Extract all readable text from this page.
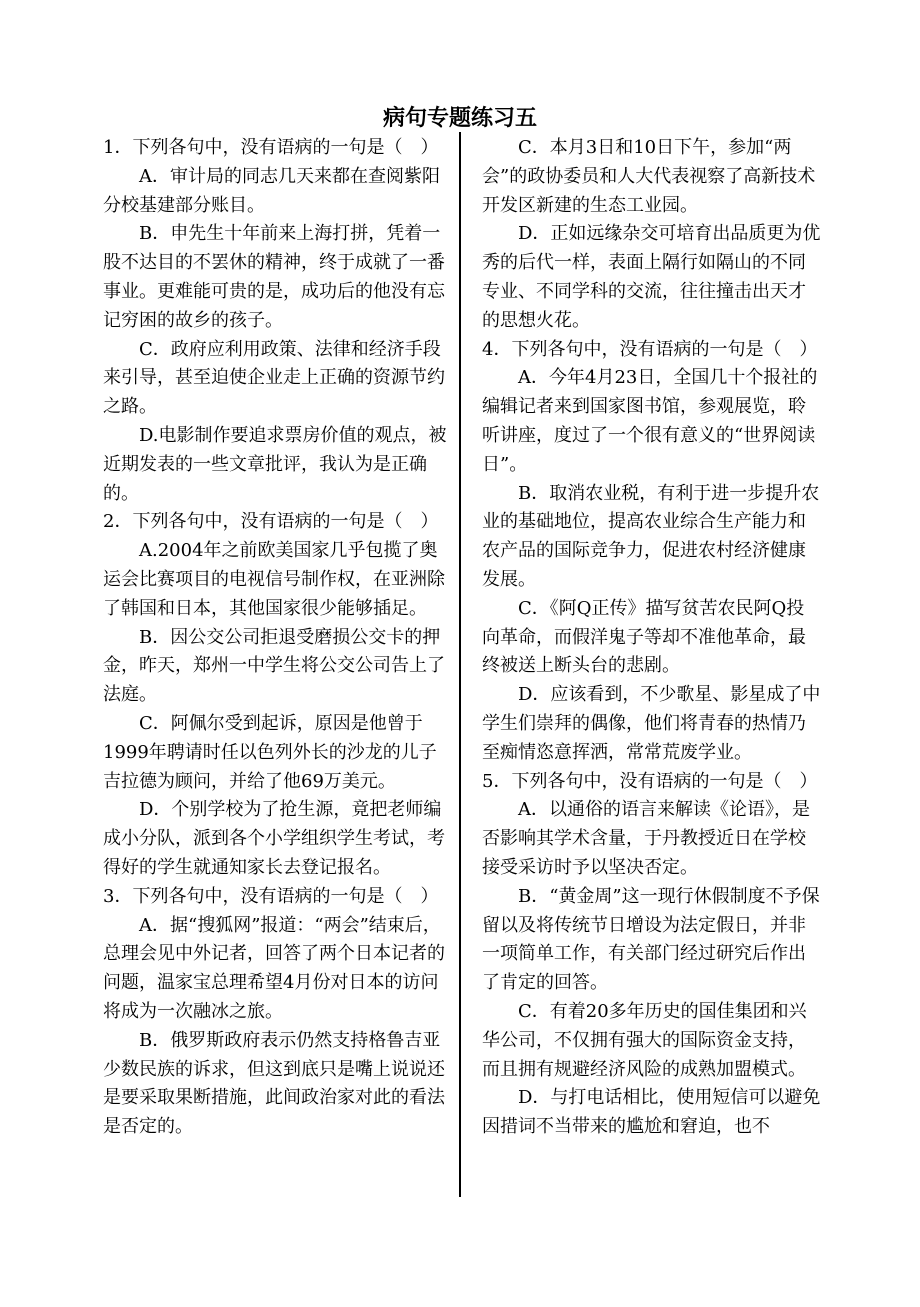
病句专题练习五

1．下列各句中，没有语病的一句是（　）

A．审计局的同志几天来都在查阅紫阳分校基建部分账目。

B．申先生十年前来上海打拼，凭着一股不达目的不罢休的精神，终于成就了一番事业。更难能可贵的是，成功后的他没有忘记穷困的故乡的孩子。

C．政府应利用政策、法律和经济手段来引导，甚至迫使企业走上正确的资源节约之路。

D.电影制作要追求票房价值的观点，被近期发表的一些文章批评，我认为是正确的。

2．下列各句中，没有语病的一句是（　）

A.2004年之前欧美国家几乎包揽了奥运会比赛项目的电视信号制作权，在亚洲除了韩国和日本，其他国家很少能够插足。

B．因公交公司拒退受磨损公交卡的押金，昨天，郑州一中学生将公交公司告上了法庭。

C．阿佩尔受到起诉，原因是他曾于1999年聘请时任以色列外长的沙龙的儿子吉拉德为顾问，并给了他69万美元。

D．个别学校为了抢生源，竟把老师编成小分队，派到各个小学组织学生考试，考得好的学生就通知家长去登记报名。

3．下列各句中，没有语病的一句是（　）

A．据“搜狐网”报道：“两会”结束后，总理会见中外记者，回答了两个日本记者的问题，温家宝总理希望4月份对日本的访问将成为一次融冰之旅。

B．俄罗斯政府表示仍然支持格鲁吉亚少数民族的诉求，但这到底只是嘴上说说还是要采取果断措施，此间政治家对此的看法是否定的。

C．本月3日和10日下午，参加“两会”的政协委员和人大代表视察了高新技术开发区新建的生态工业园。

D．正如远缘杂交可培育出品质更为优秀的后代一样，表面上隔行如隔山的不同专业、不同学科的交流，往往撞击出天才的思想火花。

4．下列各句中，没有语病的一句是（　）

A．今年4月23日，全国几十个报社的编辑记者来到国家图书馆，参观展览，聆听讲座，度过了一个很有意义的“世界阅读日”。

B．取消农业税，有利于进一步提升农业的基础地位，提高农业综合生产能力和农产品的国际竞争力，促进农村经济健康发展。

C．《阿Q正传》描写贫苦农民阿Q投向革命，而假洋鬼子等却不准他革命，最终被送上断头台的悲剧。

D．应该看到，不少歌星、影星成了中学生们崇拜的偶像，他们将青春的热情乃至痴情恣意挥洒，常常荒废学业。

5．下列各句中，没有语病的一句是（　）

A．以通俗的语言来解读《论语》，是否影响其学术含量，于丹教授近日在学校接受采访时予以坚决否定。

B．“黄金周”这一现行休假制度不予保留以及将传统节日增设为法定假日，并非一项简单工作，有关部门经过研究后作出了肯定的回答。

C．有着20多年历史的国佳集团和兴华公司，不仅拥有强大的国际资金支持，而且拥有规避经济风险的成熟加盟模式。

D．与打电话相比，使用短信可以避免因措词不当带来的尴尬和窘迫，也不
